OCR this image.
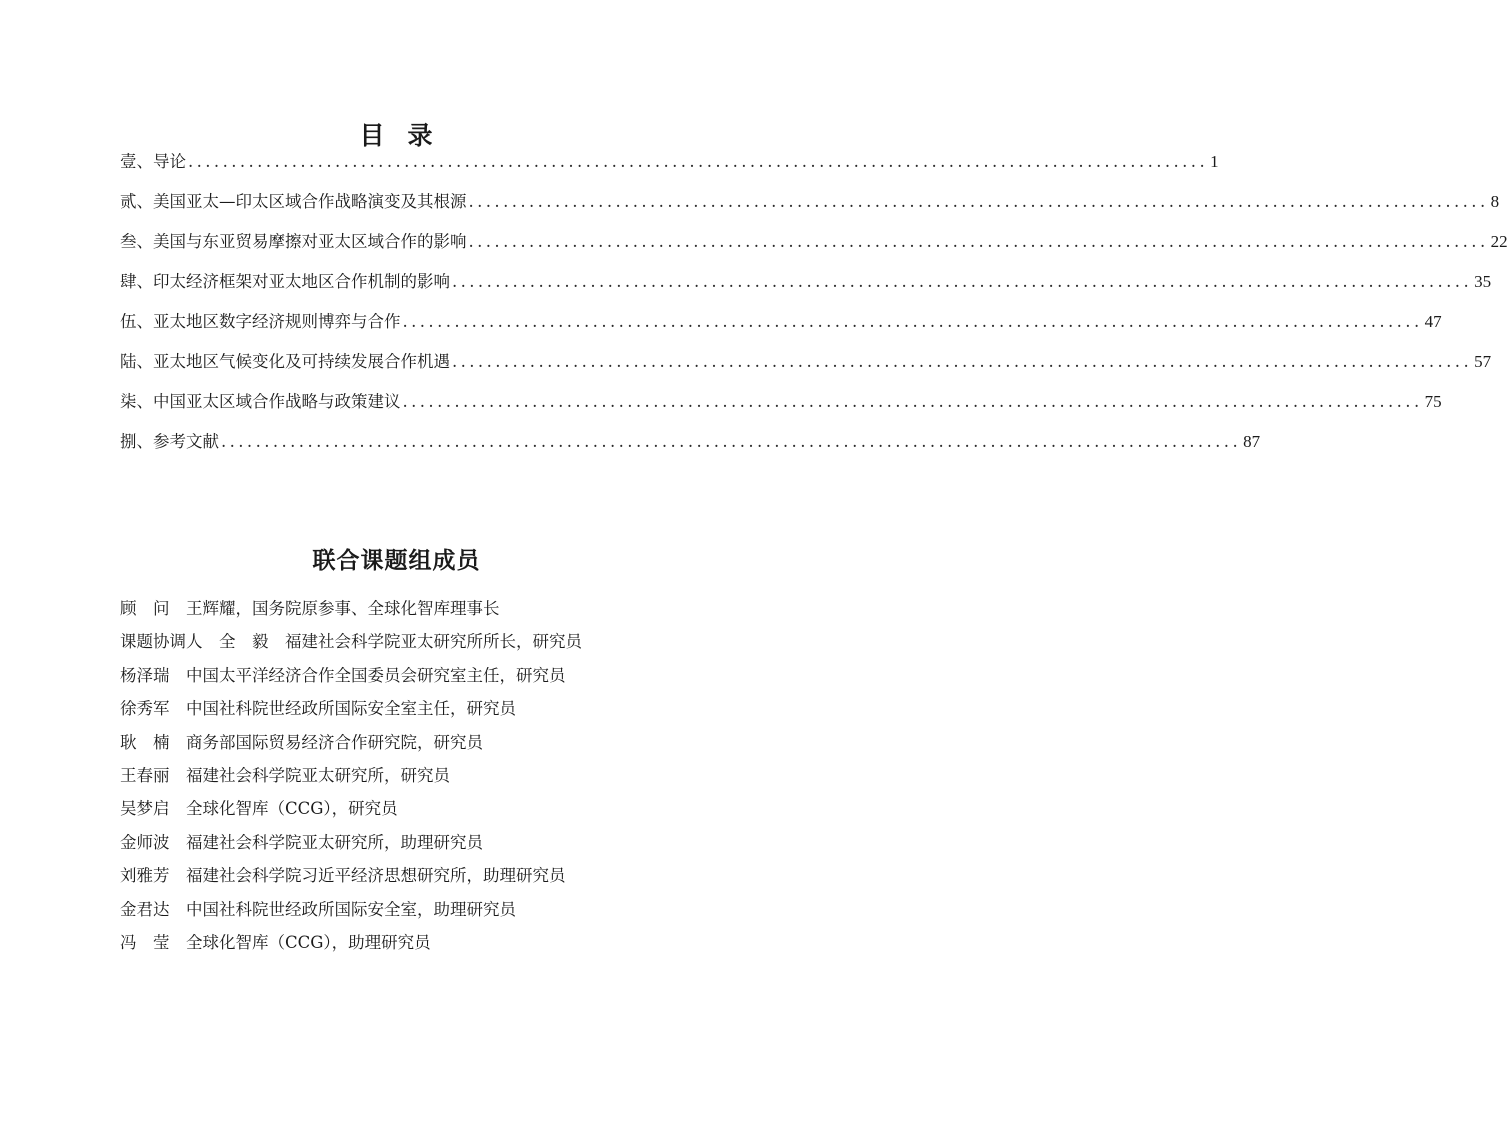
目 录
壹、导论 ...................................................................................................................... 1
贰、美国亚太—印太区域合作战略演变及其根源 ...................................................................................................................... 8
叁、美国与东亚贸易摩擦对亚太区域合作的影响 ...................................................................................................................... 22
肆、印太经济框架对亚太地区合作机制的影响 ...................................................................................................................... 35
伍、亚太地区数字经济规则博弈与合作 ...................................................................................................................... 47
陆、亚太地区气候变化及可持续发展合作机遇 ...................................................................................................................... 57
柒、中国亚太区域合作战略与政策建议 ...................................................................................................................... 75
捌、参考文献 ...................................................................................................................... 87
联合课题组成员
顾　问　 王辉耀，国务院原参事、全球化智库理事长
课题协调人　 全　毅　福建社会科学院亚太研究所所长，研究员
杨泽瑞　 中国太平洋经济合作全国委员会研究室主任，研究员
徐秀军　 中国社科院世经政所国际安全室主任，研究员
耿　楠　 商务部国际贸易经济合作研究院，研究员
王春丽　 福建社会科学院亚太研究所，研究员
吴梦启　 全球化智库（CCG），研究员
金师波　 福建社会科学院亚太研究所，助理研究员
刘雅芳　 福建社会科学院习近平经济思想研究所，助理研究员
金君达　 中国社科院世经政所国际安全室，助理研究员
冯　莹　 全球化智库（CCG），助理研究员
